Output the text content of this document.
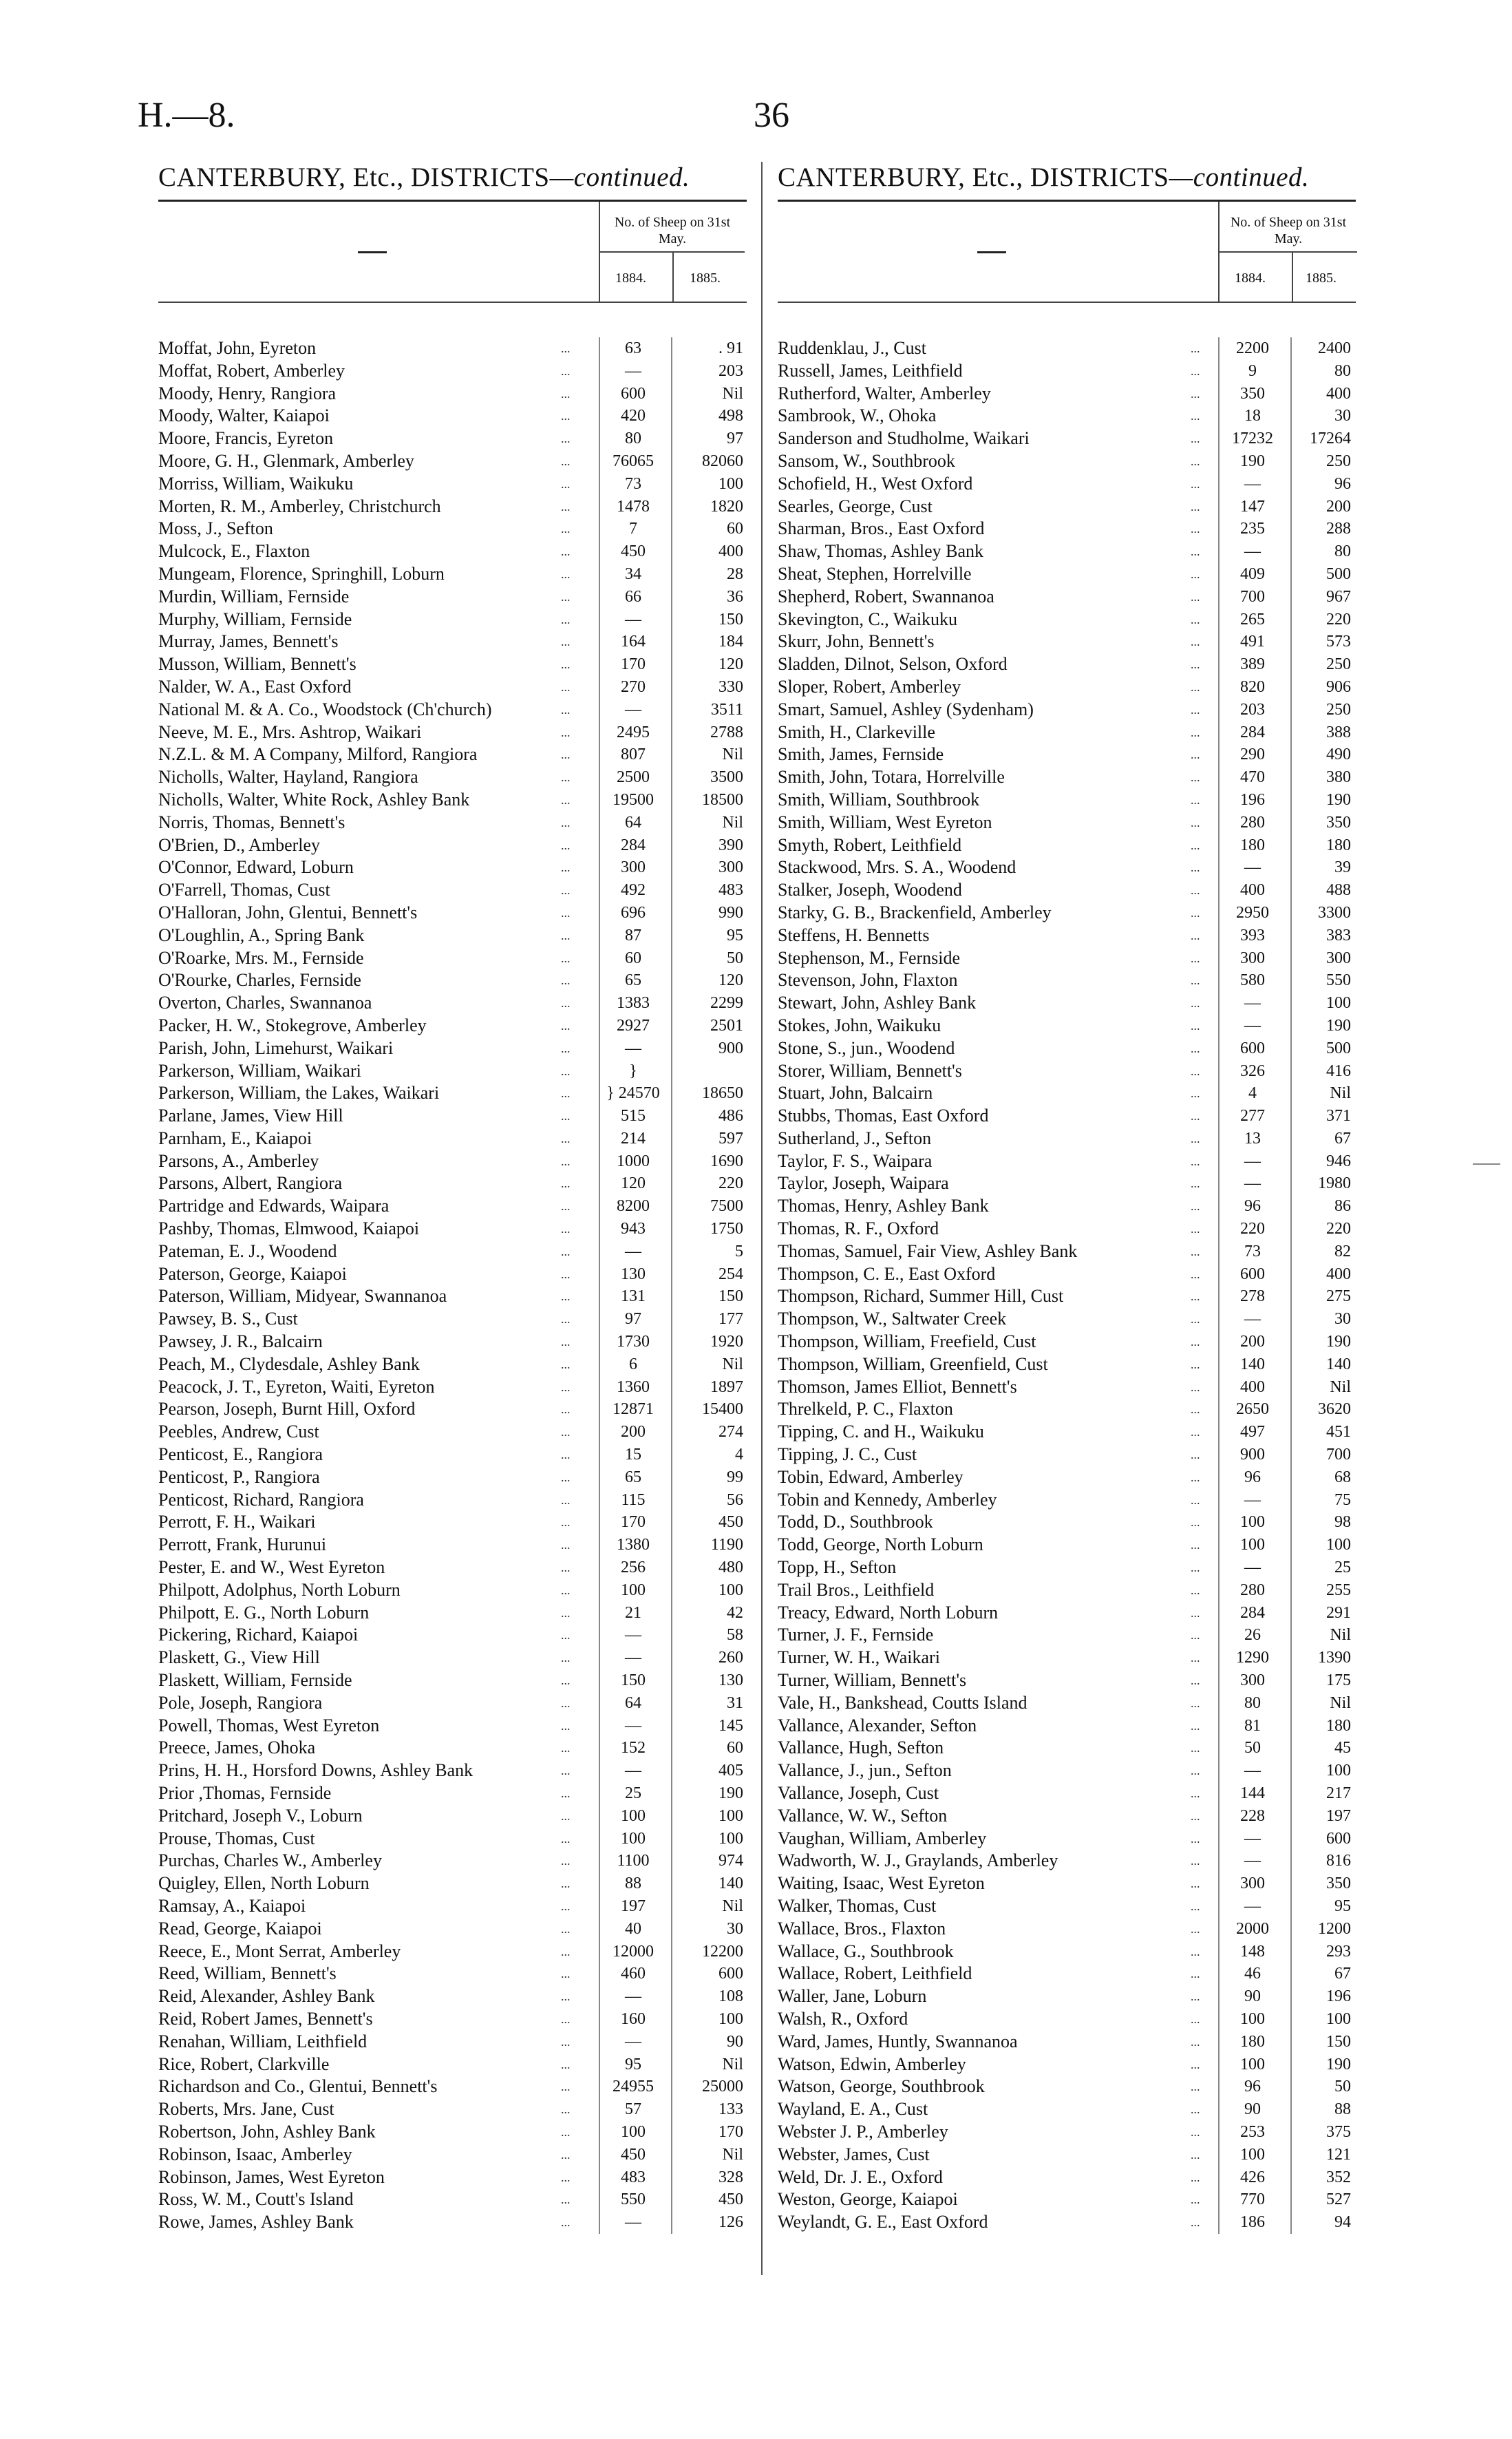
H.—8.	36
CANTERBURY, Etc., DISTRICTS—continued.
No. of Sheep on 31st May.
1884.	1885.
Moffat, John, Eyreton	...	63	. 91
Moffat, Robert, Amberley	...	—	203
Moody, Henry, Rangiora	...	600	Nil
Moody, Walter, Kaiapoi	...	420	498
Moore, Francis, Eyreton	...	80	97
Moore, G. H., Glenmark, Amberley	...	76065	82060
Morriss, William, Waikuku	...	73	100
Morten, R. M., Amberley, Christchurch	...	1478	1820
Moss, J., Sefton	...	7	60
Mulcock, E., Flaxton	...	450	400
Mungeam, Florence, Springhill, Loburn	...	34	28
Murdin, William, Fernside	...	66	36
Murphy, William, Fernside	...	—	150
Murray, James, Bennett's	...	164	184
Musson, William, Bennett's	...	170	120
Nalder, W. A., East Oxford	...	270	330
National M. & A. Co., Woodstock (Ch'church)	...	—	3511
Neeve, M. E., Mrs. Ashtrop, Waikari	...	2495	2788
N.Z.L. & M. A Company, Milford, Rangiora	...	807	Nil
Nicholls, Walter, Hayland, Rangiora	...	2500	3500
Nicholls, Walter, White Rock, Ashley Bank	...	19500	18500
Norris, Thomas, Bennett's	...	64	Nil
O'Brien, D., Amberley	...	284	390
O'Connor, Edward, Loburn	...	300	300
O'Farrell, Thomas, Cust	...	492	483
O'Halloran, John, Glentui, Bennett's	...	696	990
O'Loughlin, A., Spring Bank	...	87	95
O'Roarke, Mrs. M., Fernside	...	60	50
O'Rourke, Charles, Fernside	...	65	120
Overton, Charles, Swannanoa	...	1383	2299
Packer, H. W., Stokegrove, Amberley	...	2927	2501
Parish, John, Limehurst, Waikari	...	—	900
Parkerson, William, Waikari	...	}
Parkerson, William, the Lakes, Waikari	...	} 24570	18650
Parlane, James, View Hill	...	515	486
Parnham, E., Kaiapoi	...	214	597
Parsons, A., Amberley	...	1000	1690
Parsons, Albert, Rangiora	...	120	220
Partridge and Edwards, Waipara	...	8200	7500
Pashby, Thomas, Elmwood, Kaiapoi	...	943	1750
Pateman, E. J., Woodend	...	—	5
Paterson, George, Kaiapoi	...	130	254
Paterson, William, Midyear, Swannanoa	...	131	150
Pawsey, B. S., Cust	...	97	177
Pawsey, J. R., Balcairn	...	1730	1920
Peach, M., Clydesdale, Ashley Bank	...	6	Nil
Peacock, J. T., Eyreton, Waiti, Eyreton	...	1360	1897
Pearson, Joseph, Burnt Hill, Oxford	...	12871	15400
Peebles, Andrew, Cust	...	200	274
Penticost, E., Rangiora	...	15	4
Penticost, P., Rangiora	...	65	99
Penticost, Richard, Rangiora	...	115	56
Perrott, F. H., Waikari	...	170	450
Perrott, Frank, Hurunui	...	1380	1190
Pester, E. and W., West Eyreton	...	256	480
Philpott, Adolphus, North Loburn	...	100	100
Philpott, E. G., North Loburn	...	21	42
Pickering, Richard, Kaiapoi	...	—	58
Plaskett, G., View Hill	...	—	260
Plaskett, William, Fernside	...	150	130
Pole, Joseph, Rangiora	...	64	31
Powell, Thomas, West Eyreton	...	—	145
Preece, James, Ohoka	...	152	60
Prins, H. H., Horsford Downs, Ashley Bank	...	—	405
Prior ,Thomas, Fernside	...	25	190
Pritchard, Joseph V., Loburn	...	100	100
Prouse, Thomas, Cust	...	100	100
Purchas, Charles W., Amberley	...	1100	974
Quigley, Ellen, North Loburn	...	88	140
Ramsay, A., Kaiapoi	...	197	Nil
Read, George, Kaiapoi	...	40	30
Reece, E., Mont Serrat, Amberley	...	12000	12200
Reed, William, Bennett's	...	460	600
Reid, Alexander, Ashley Bank	...	—	108
Reid, Robert James, Bennett's	...	160	100
Renahan, William, Leithfield	...	—	90
Rice, Robert, Clarkville	...	95	Nil
Richardson and Co., Glentui, Bennett's	...	24955	25000
Roberts, Mrs. Jane, Cust	...	57	133
Robertson, John, Ashley Bank	...	100	170
Robinson, Isaac, Amberley	...	450	Nil
Robinson, James, West Eyreton	...	483	328
Ross, W. M., Coutt's Island	...	550	450
Rowe, James, Ashley Bank	...	—	126
CANTERBURY, Etc., DISTRICTS—continued.
No. of Sheep on 31st May.
1884.	1885.
Ruddenklau, J., Cust	...	2200	2400
Russell, James, Leithfield	...	9	80
Rutherford, Walter, Amberley	...	350	400
Sambrook, W., Ohoka	...	18	30
Sanderson and Studholme, Waikari	...	17232	17264
Sansom, W., Southbrook	...	190	250
Schofield, H., West Oxford	...	—	96
Searles, George, Cust	...	147	200
Sharman, Bros., East Oxford	...	235	288
Shaw, Thomas, Ashley Bank	...	—	80
Sheat, Stephen, Horrelville	...	409	500
Shepherd, Robert, Swannanoa	...	700	967
Skevington, C., Waikuku	...	265	220
Skurr, John, Bennett's	...	491	573
Sladden, Dilnot, Selson, Oxford	...	389	250
Sloper, Robert, Amberley	...	820	906
Smart, Samuel, Ashley (Sydenham)	...	203	250
Smith, H., Clarkeville	...	284	388
Smith, James, Fernside	...	290	490
Smith, John, Totara, Horrelville	...	470	380
Smith, William, Southbrook	...	196	190
Smith, William, West Eyreton	...	280	350
Smyth, Robert, Leithfield	...	180	180
Stackwood, Mrs. S. A., Woodend	...	—	39
Stalker, Joseph, Woodend	...	400	488
Starky, G. B., Brackenfield, Amberley	...	2950	3300
Steffens, H. Bennetts	...	393	383
Stephenson, M., Fernside	...	300	300
Stevenson, John, Flaxton	...	580	550
Stewart, John, Ashley Bank	...	—	100
Stokes, John, Waikuku	...	—	190
Stone, S., jun., Woodend	...	600	500
Storer, William, Bennett's	...	326	416
Stuart, John, Balcairn	...	4	Nil
Stubbs, Thomas, East Oxford	...	277	371
Sutherland, J., Sefton	...	13	67
Taylor, F. S., Waipara	...	—	946
Taylor, Joseph, Waipara	...	—	1980
Thomas, Henry, Ashley Bank	...	96	86
Thomas, R. F., Oxford	...	220	220
Thomas, Samuel, Fair View, Ashley Bank	...	73	82
Thompson, C. E., East Oxford	...	600	400
Thompson, Richard, Summer Hill, Cust	...	278	275
Thompson, W., Saltwater Creek	...	—	30
Thompson, William, Freefield, Cust	...	200	190
Thompson, William, Greenfield, Cust	...	140	140
Thomson, James Elliot, Bennett's	...	400	Nil
Threlkeld, P. C., Flaxton	...	2650	3620
Tipping, C. and H., Waikuku	...	497	451
Tipping, J. C., Cust	...	900	700
Tobin, Edward, Amberley	...	96	68
Tobin and Kennedy, Amberley	...	—	75
Todd, D., Southbrook	...	100	98
Todd, George, North Loburn	...	100	100
Topp, H., Sefton	...	—	25
Trail Bros., Leithfield	...	280	255
Treacy, Edward, North Loburn	...	284	291
Turner, J. F., Fernside	...	26	Nil
Turner, W. H., Waikari	...	1290	1390
Turner, William, Bennett's	...	300	175
Vale, H., Bankshead, Coutts Island	...	80	Nil
Vallance, Alexander, Sefton	...	81	180
Vallance, Hugh, Sefton	...	50	45
Vallance, J., jun., Sefton	...	—	100
Vallance, Joseph, Cust	...	144	217
Vallance, W. W., Sefton	...	228	197
Vaughan, William, Amberley	...	—	600
Wadworth, W. J., Graylands, Amberley	...	—	816
Waiting, Isaac, West Eyreton	...	300	350
Walker, Thomas, Cust	...	—	95
Wallace, Bros., Flaxton	...	2000	1200
Wallace, G., Southbrook	...	148	293
Wallace, Robert, Leithfield	...	46	67
Waller, Jane, Loburn	...	90	196
Walsh, R., Oxford	...	100	100
Ward, James, Huntly, Swannanoa	...	180	150
Watson, Edwin, Amberley	...	100	190
Watson, George, Southbrook	...	96	50
Wayland, E. A., Cust	...	90	88
Webster J. P., Amberley	...	253	375
Webster, James, Cust	...	100	121
Weld, Dr. J. E., Oxford	...	426	352
Weston, George, Kaiapoi	...	770	527
Weylandt, G. E., East Oxford	...	186	94
